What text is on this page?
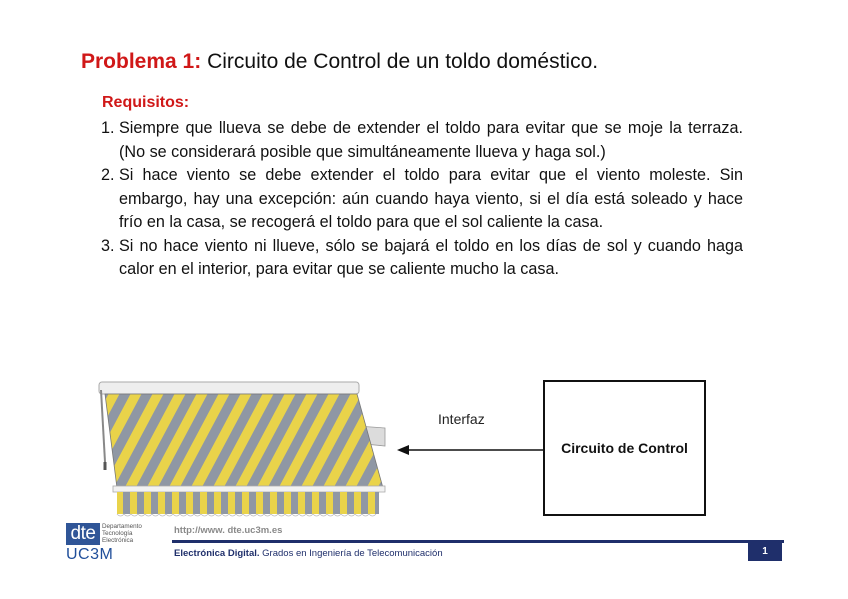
Problema 1: Circuito de Control de un toldo doméstico.
Requisitos:
1. Siempre que llueva se debe de extender el toldo para evitar que se moje la terraza. (No se considerará posible que simultáneamente llueva y haga sol.)
2. Si hace viento se debe extender el toldo para evitar que el viento moleste. Sin embargo, hay una excepción: aún cuando haya viento, si el día está soleado y hace frío en la casa, se recogerá el toldo para que el sol caliente la casa.
3. Si no hace viento ni llueve, sólo se bajará el toldo en los días de sol y cuando haga calor en el interior, para evitar que se caliente mucho la casa.
Interfaz
Circuito de Control
dte	Departamento Tecnología Electrónica
UC3M
http://www. dte.uc3m.es
Electrónica Digital. Grados en Ingeniería de Telecomunicación	1
